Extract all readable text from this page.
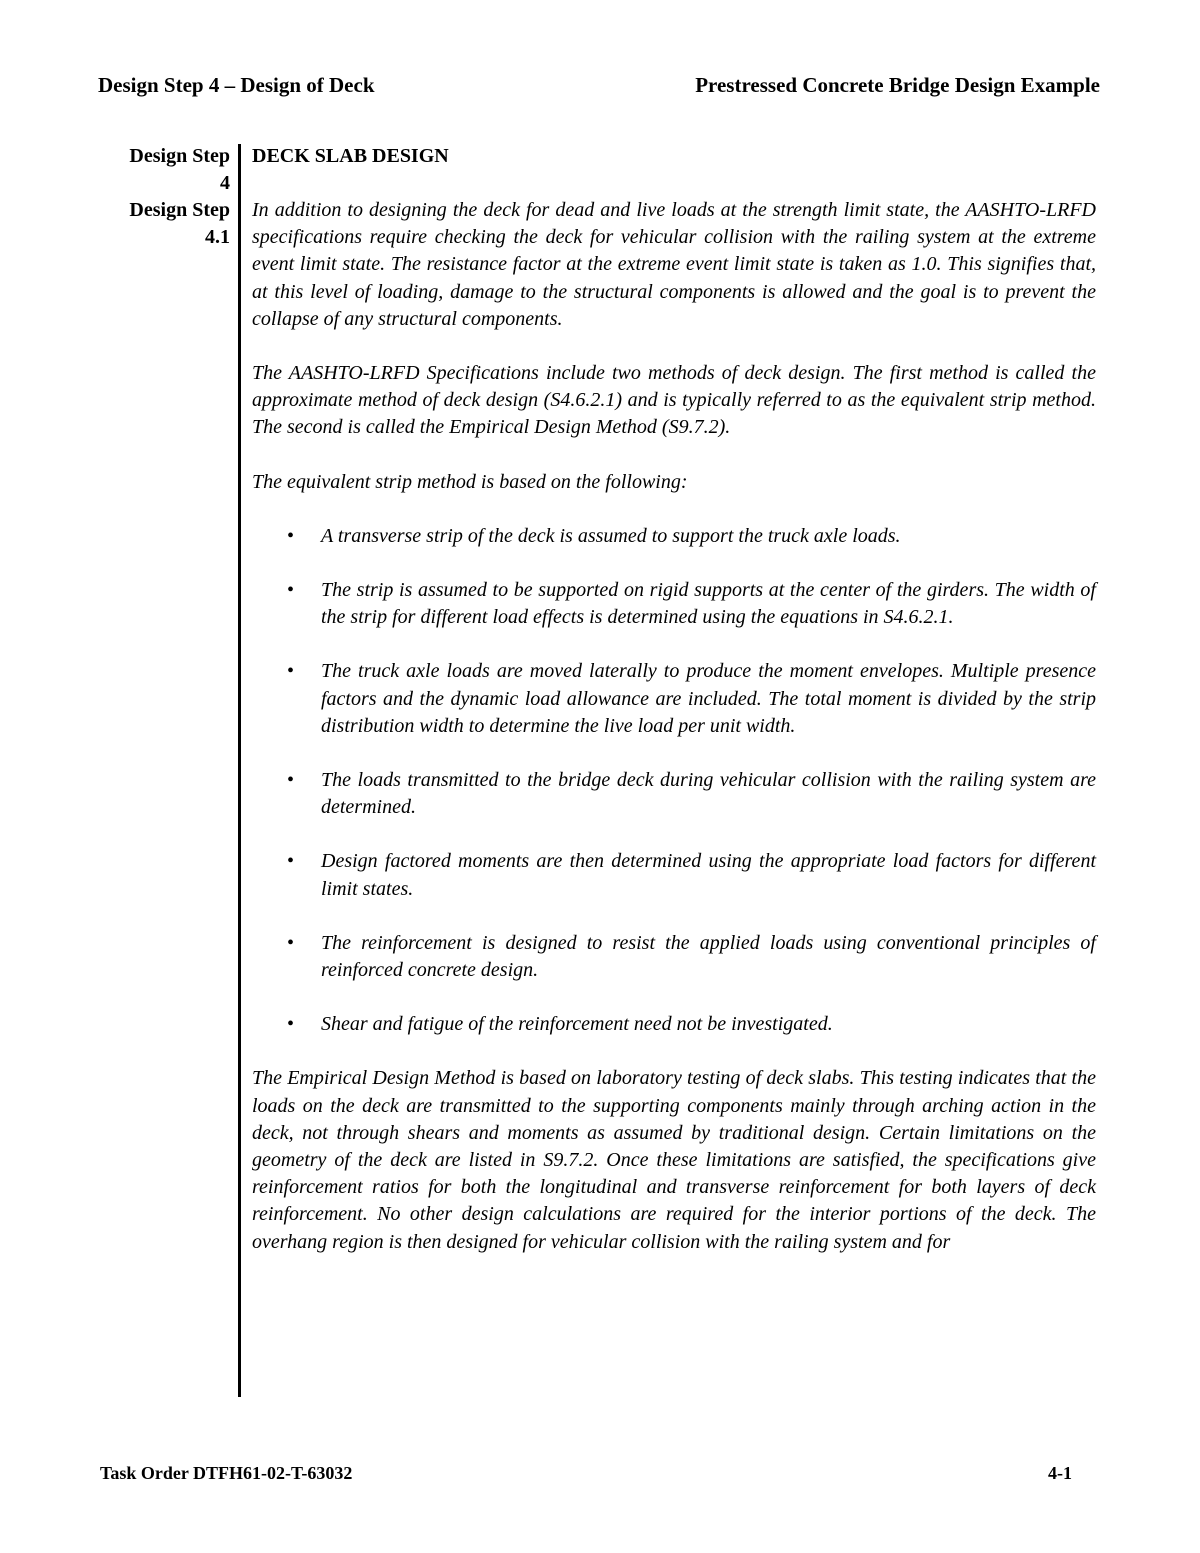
Design Step 4 – Design of Deck	Prestressed Concrete Bridge Design Example
Design Step
4
Design Step
4.1
DECK SLAB DESIGN

In addition to designing the deck for dead and live loads at the strength limit state, the AASHTO-LRFD specifications require checking the deck for vehicular collision with the railing system at the extreme event limit state. The resistance factor at the extreme event limit state is taken as 1.0. This signifies that, at this level of loading, damage to the structural components is allowed and the goal is to prevent the collapse of any structural components.

The AASHTO-LRFD Specifications include two methods of deck design. The first method is called the approximate method of deck design (S4.6.2.1) and is typically referred to as the equivalent strip method. The second is called the Empirical Design Method (S9.7.2).

The equivalent strip method is based on the following:

• A transverse strip of the deck is assumed to support the truck axle loads.
• The strip is assumed to be supported on rigid supports at the center of the girders. The width of the strip for different load effects is determined using the equations in S4.6.2.1.
• The truck axle loads are moved laterally to produce the moment envelopes. Multiple presence factors and the dynamic load allowance are included. The total moment is divided by the strip distribution width to determine the live load per unit width.
• The loads transmitted to the bridge deck during vehicular collision with the railing system are determined.
• Design factored moments are then determined using the appropriate load factors for different limit states.
• The reinforcement is designed to resist the applied loads using conventional principles of reinforced concrete design.
• Shear and fatigue of the reinforcement need not be investigated.

The Empirical Design Method is based on laboratory testing of deck slabs. This testing indicates that the loads on the deck are transmitted to the supporting components mainly through arching action in the deck, not through shears and moments as assumed by traditional design. Certain limitations on the geometry of the deck are listed in S9.7.2. Once these limitations are satisfied, the specifications give reinforcement ratios for both the longitudinal and transverse reinforcement for both layers of deck reinforcement. No other design calculations are required for the interior portions of the deck. The overhang region is then designed for vehicular collision with the railing system and for

Task Order DTFH61-02-T-63032	4-1
